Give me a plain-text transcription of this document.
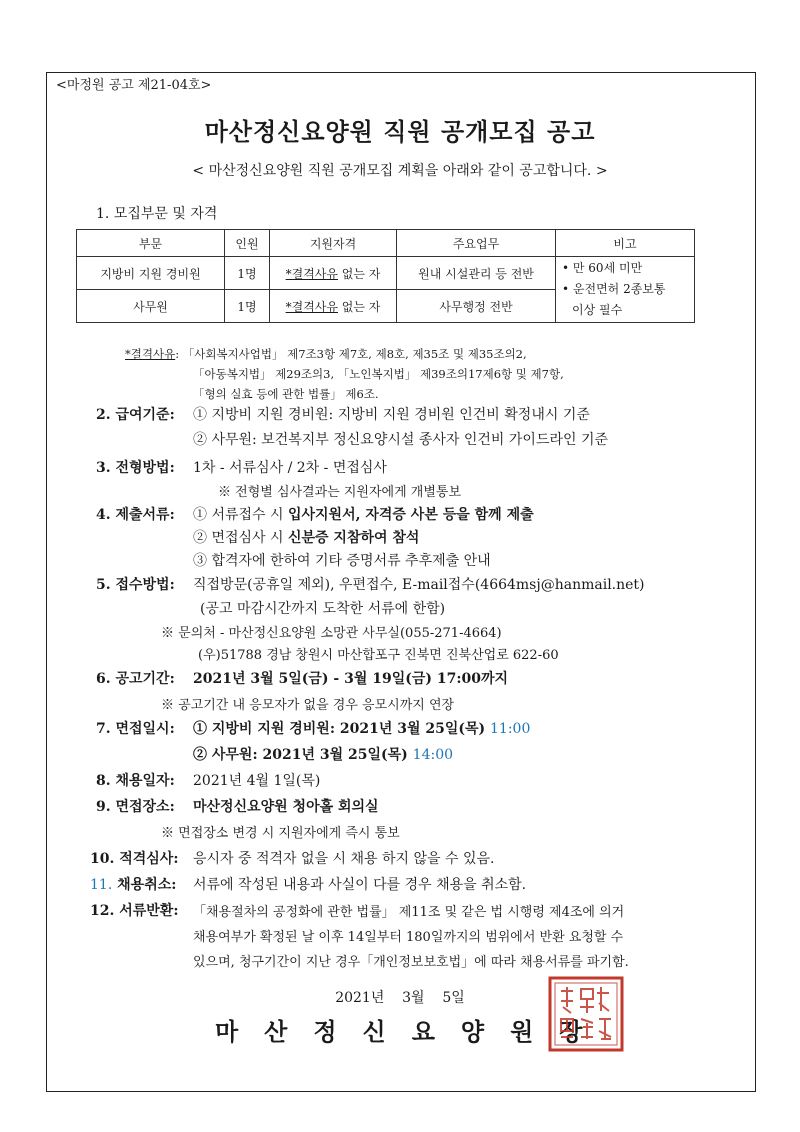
<마정원 공고 제21-04호>
마산정신요양원 직원 공개모집 공고
< 마산정신요양원 직원 공개모집 계획을 아래와 같이 공고합니다. >
1. 모집부문 및 자격
부문	인원	지원자격	주요업무	비고
지방비 지원 경비원	1명	*결격사유 없는 자	원내 시설관리 등 전반	• 만 60세 미만
• 운전면허 2종보통
이상 필수

사무원	1명	*결격사유 없는 자	사무행정 전반	
*결격사유: 「사회복지사업법」 제7조3항 제7호, 제8호, 제35조 및 제35조의2,
「아동복지법」 제29조의3, 「노인복지법」 제39조의17제6항 및 제7항,
「형의 실효 등에 관한 법률」 제6조.
2. 급여기준: ① 지방비 지원 경비원: 지방비 지원 경비원 인건비 확정내시 기준
② 사무원: 보건복지부 정신요양시설 종사자 인건비 가이드라인 기준
3. 전형방법: 1차 - 서류심사 / 2차 - 면접심사
※ 전형별 심사결과는 지원자에게 개별통보
4. 제출서류: ① 서류접수 시 입사지원서, 자격증 사본 등을 함께 제출
② 면접심사 시 신분증 지참하여 참석
③ 합격자에 한하여 기타 증명서류 추후제출 안내
5. 접수방법: 직접방문(공휴일 제외), 우편접수, E-mail접수(4664msj@hanmail.net)
(공고 마감시간까지 도착한 서류에 한함)
※ 문의처 - 마산정신요양원 소망관 사무실(055-271-4664)
(우)51788 경남 창원시 마산합포구 진북면 진북산업로 622-60
6. 공고기간: 2021년 3월 5일(금) - 3월 19일(금) 17:00까지
※ 공고기간 내 응모자가 없을 경우 응모시까지 연장
7. 면접일시: ① 지방비 지원 경비원: 2021년 3월 25일(목) 11:00
② 사무원: 2021년 3월 25일(목) 14:00
8. 채용일자: 2021년 4월 1일(목)
9. 면접장소: 마산정신요양원 청아홀 회의실
※ 면접장소 변경 시 지원자에게 즉시 통보
10. 적격심사: 응시자 중 적격자 없을 시 채용 하지 않을 수 있음.
11. 채용취소: 서류에 작성된 내용과 사실이 다를 경우 채용을 취소함.
12. 서류반환: 「채용절차의 공정화에 관한 법률」 제11조 및 같은 법 시행령 제4조에 의거
채용여부가 확정된 날 이후 14일부터 180일까지의 범위에서 반환 요청할 수
있으며, 청구기간이 지난 경우「개인정보보호법」에 따라 채용서류를 파기함.
2021년    3월    5일
마산정신요양원장
